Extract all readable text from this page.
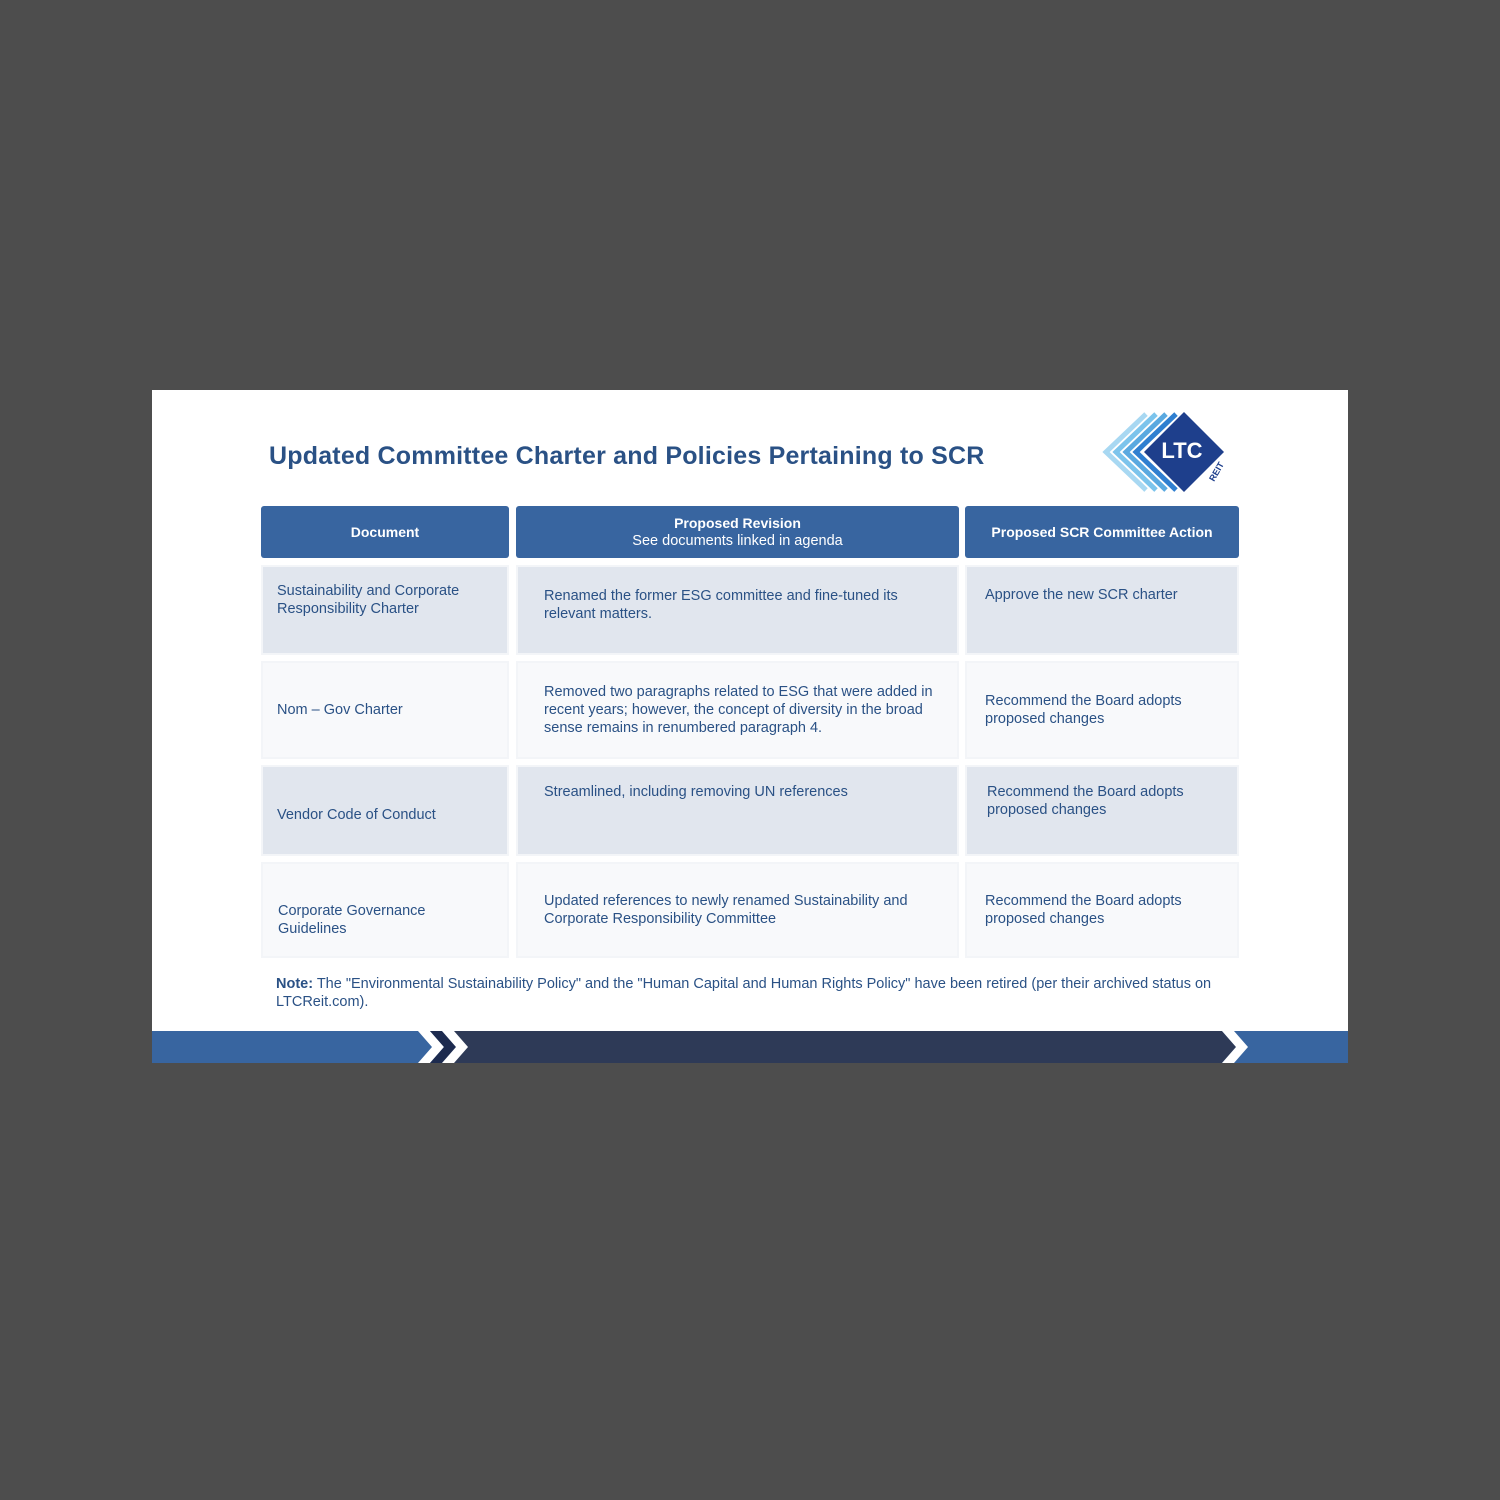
Updated Committee Charter and Policies Pertaining to SCR	LTC
REIT
Document
Proposed Revision
See documents linked in agenda
Proposed SCR Committee Action
Sustainability and Corporate Responsibility Charter
Renamed the former ESG committee and fine-tuned its relevant matters.
Approve the new SCR charter
Nom – Gov Charter
Removed two paragraphs related to ESG that were added in recent years; however, the concept of diversity in the broad sense remains in renumbered paragraph 4.
Recommend the Board adopts proposed changes
Vendor Code of Conduct
Streamlined, including removing UN references	Recommend the Board adopts proposed changes
Corporate Governance Guidelines
Updated references to newly renamed Sustainability and Corporate Responsibility Committee
Recommend the Board adopts proposed changes
Note: The "Environmental Sustainability Policy" and the "Human Capital and Human Rights Policy" have been retired (per their archived status on LTCReit.com).
